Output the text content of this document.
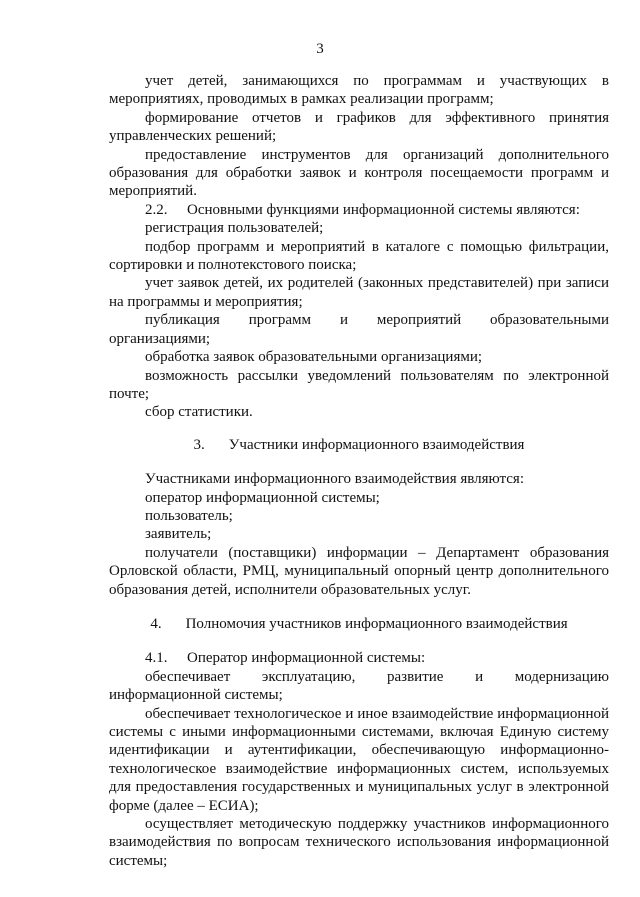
3

учет детей, занимающихся по программам и участвующих в мероприятиях, проводимых в рамках реализации программ;

формирование отчетов и графиков для эффективного принятия управленческих решений;

предоставление инструментов для организаций дополнительного образования для обработки заявок и контроля посещаемости программ и мероприятий.

2.2. Основными функциями информационной системы являются:

регистрация пользователей;

подбор программ и мероприятий в каталоге с помощью фильтрации, сортировки и полнотекстового поиска;

учет заявок детей, их родителей (законных представителей) при записи на программы и мероприятия;

публикация программ и мероприятий образовательными организациями;

обработка заявок образовательными организациями;

возможность рассылки уведомлений пользователям по электронной почте;

сбор статистики.

3. Участники информационного взаимодействия

Участниками информационного взаимодействия являются:

оператор информационной системы;

пользователь;

заявитель;

получатели (поставщики) информации – Департамент образования Орловской области, РМЦ, муниципальный опорный центр дополнительного образования детей, исполнители образовательных услуг.

4. Полномочия участников информационного взаимодействия

4.1. Оператор информационной системы:

обеспечивает эксплуатацию, развитие и модернизацию информационной системы;

обеспечивает технологическое и иное взаимодействие информационной системы с иными информационными системами, включая Единую систему идентификации и аутентификации, обеспечивающую информационно-технологическое взаимодействие информационных систем, используемых для предоставления государственных и муниципальных услуг в электронной форме (далее – ЕСИА);

осуществляет методическую поддержку участников информационного взаимодействия по вопросам технического использования информационной системы;
